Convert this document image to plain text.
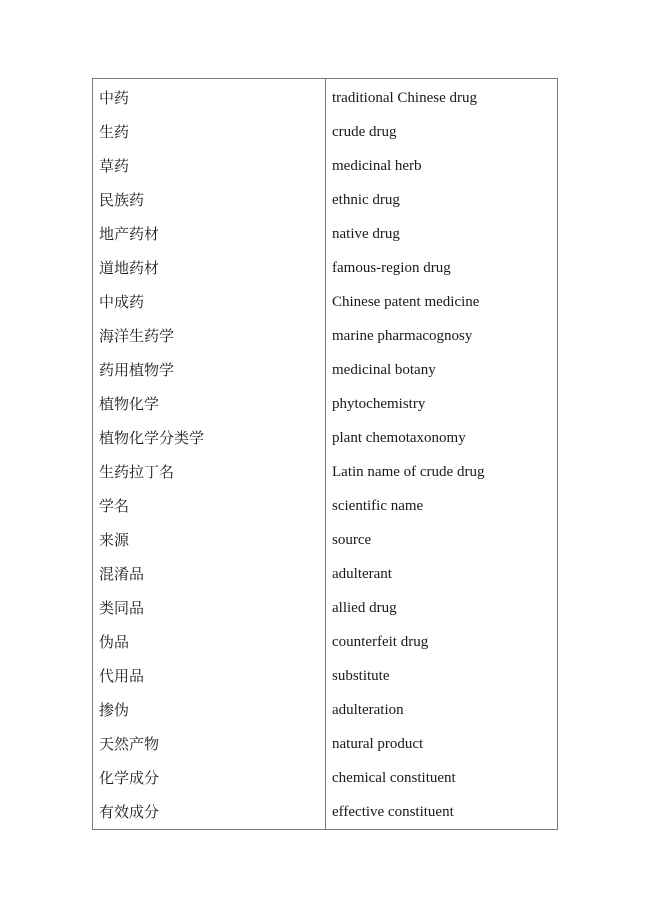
中药
生药
草药
民族药
地产药材
道地药材
中成药
海洋生药学
药用植物学
植物化学
植物化学分类学
生药拉丁名
学名
来源
混淆品
类同品
伪品
代用品
掺伪
天然产物
化学成分
有效成分
traditional Chinese drug
crude drug
medicinal herb
ethnic drug
native drug
famous-region drug
Chinese patent medicine
marine pharmacognosy
medicinal botany
phytochemistry
plant chemotaxonomy
Latin name of crude drug
scientific name
source
adulterant
allied drug
counterfeit drug
substitute
adulteration
natural product
chemical constituent
effective constituent
